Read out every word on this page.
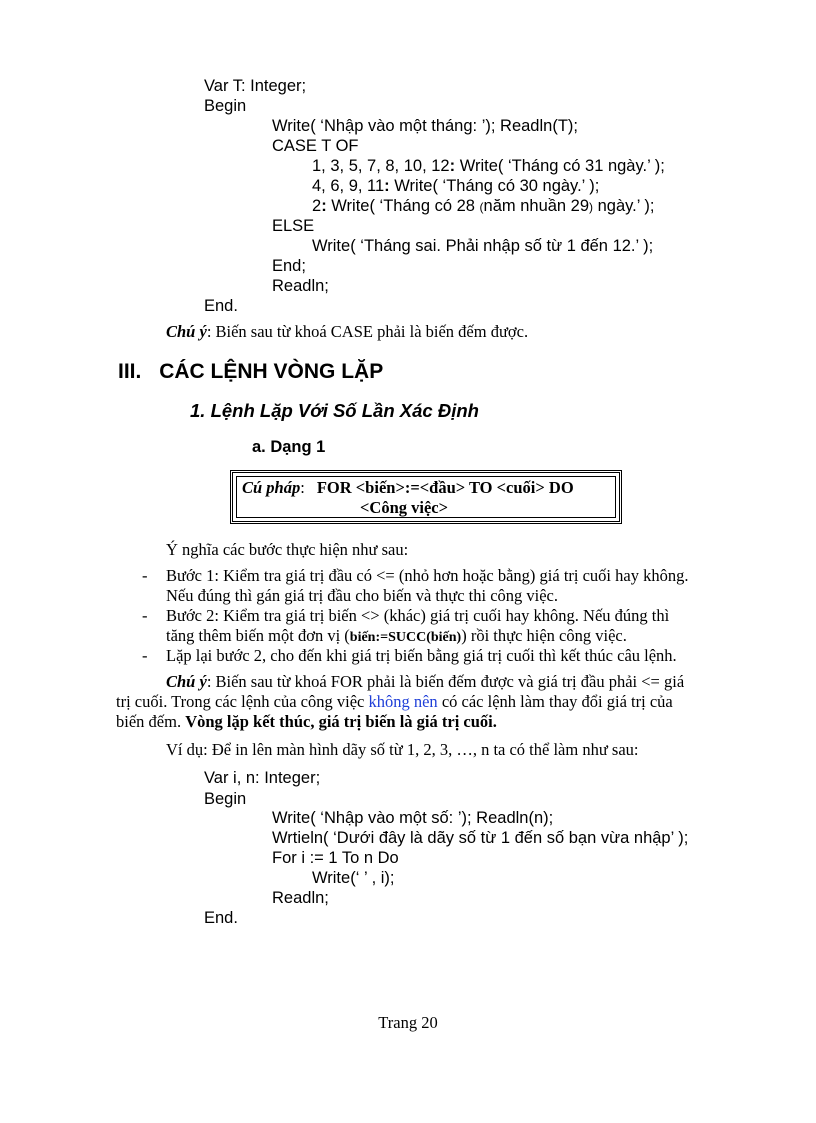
Var T: Integer;
Begin
Write( ‘Nhập vào một tháng: ’); Readln(T);
CASE T OF
1, 3, 5, 7, 8, 10, 12: Write( ‘Tháng có 31 ngày.’ );
4, 6, 9, 11: Write( ‘Tháng có 30 ngày.’ );
2: Write( ‘Tháng có 28 (năm nhuần 29) ngày.’ );
ELSE
Write( ‘Tháng sai. Phải nhập số từ 1 đến 12.’ );
End;
Readln;
End.
Chú ý: Biến sau từ khoá CASE phải là biến đếm được.
III. CÁC LỆNH VÒNG LẶP
1. Lệnh Lặp Với Số Lần Xác Định
a. Dạng 1
Cú pháp: FOR <biến>:=<đầu> TO <cuối> DO
<Công việc>
Ý nghĩa các bước thực hiện như sau:
- Bước 1: Kiểm tra giá trị đầu có <= (nhỏ hơn hoặc bằng) giá trị cuối hay không.
Nếu đúng thì gán giá trị đầu cho biến và thực thi công việc.
- Bước 2: Kiểm tra giá trị biến <> (khác) giá trị cuối hay không. Nếu đúng thì
tăng thêm biến một đơn vị (biến:=SUCC(biến)) rồi thực hiện công việc.
- Lặp lại bước 2, cho đến khi giá trị biến bằng giá trị cuối thì kết thúc câu lệnh.
Chú ý: Biến sau từ khoá FOR phải là biến đếm được và giá trị đầu phải <= giá
trị cuối. Trong các lệnh của công việc không nên có các lệnh làm thay đổi giá trị của
biến đếm. Vòng lặp kết thúc, giá trị biến là giá trị cuối.
Ví dụ: Để in lên màn hình dãy số từ 1, 2, 3, …, n ta có thể làm như sau:
Var i, n: Integer;
Begin
Write( ‘Nhập vào một số: ’); Readln(n);
Wrtieln( ‘Dưới đây là dãy số từ 1 đến số bạn vừa nhập’ );
For i := 1 To n Do
Write(‘ ’ , i);
Readln;
End.
Trang 20
